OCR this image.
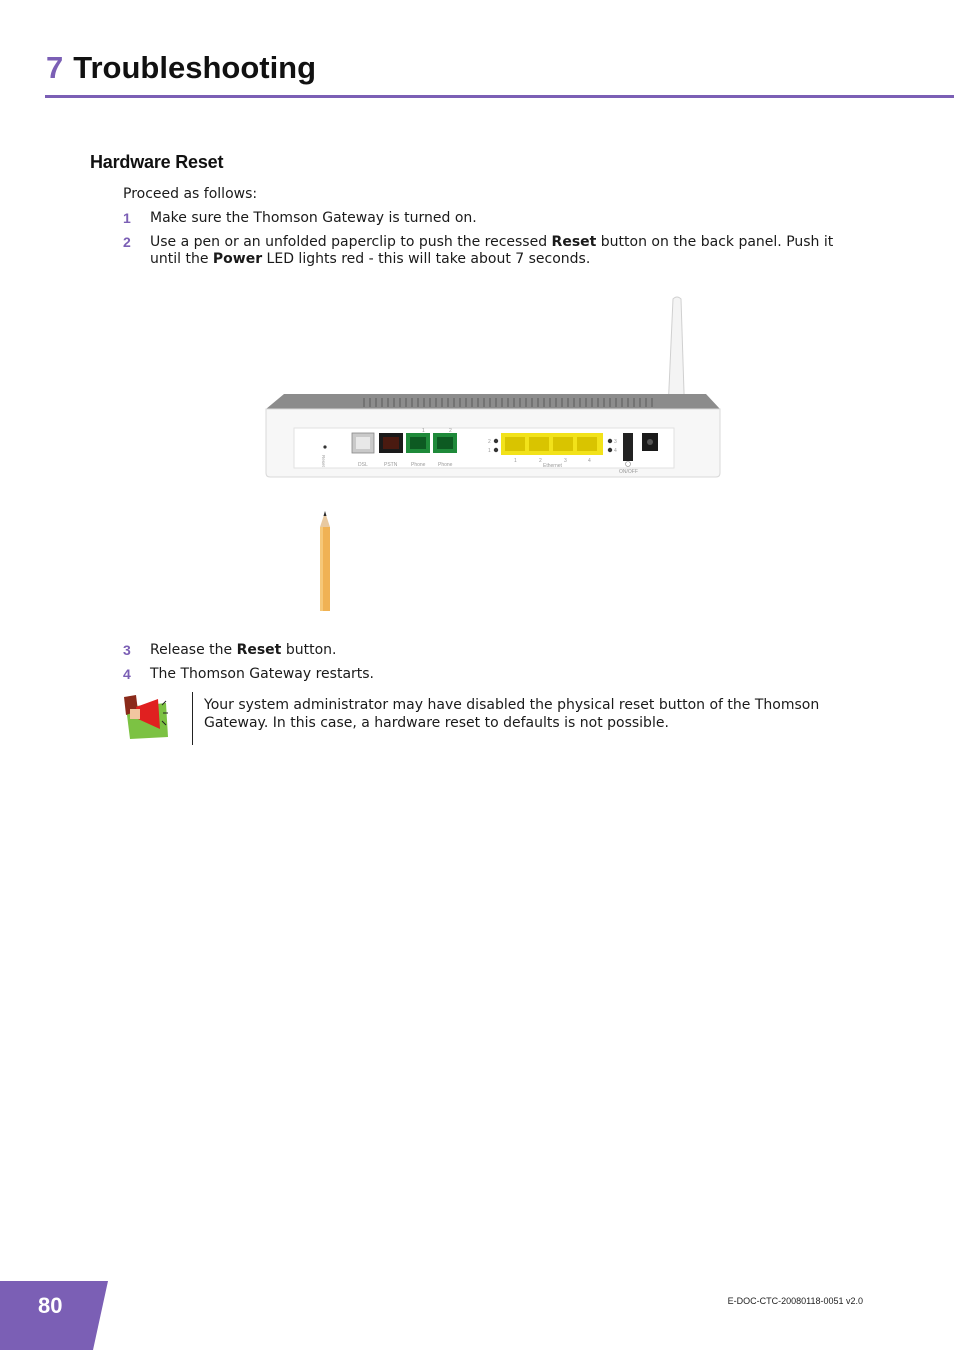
7 Troubleshooting
Hardware Reset
Proceed as follows:
1 Make sure the Thomson Gateway is turned on.
2 Use a pen or an unfolded paperclip to push the recessed Reset button on the back panel. Push it until the Power LED lights red - this will take about 7 seconds.
Reset	DSL	PSTN	Phone	Phone
1	2
2
1
3
4
1	2	3	4
Ethernet
ON/OFF
3 Release the Reset button.
4 The Thomson Gateway restarts.
Your system administrator may have disabled the physical reset button of the Thomson Gateway. In this case, a hardware reset to defaults is not possible.
80	E-DOC-CTC-20080118-0051 v2.0
